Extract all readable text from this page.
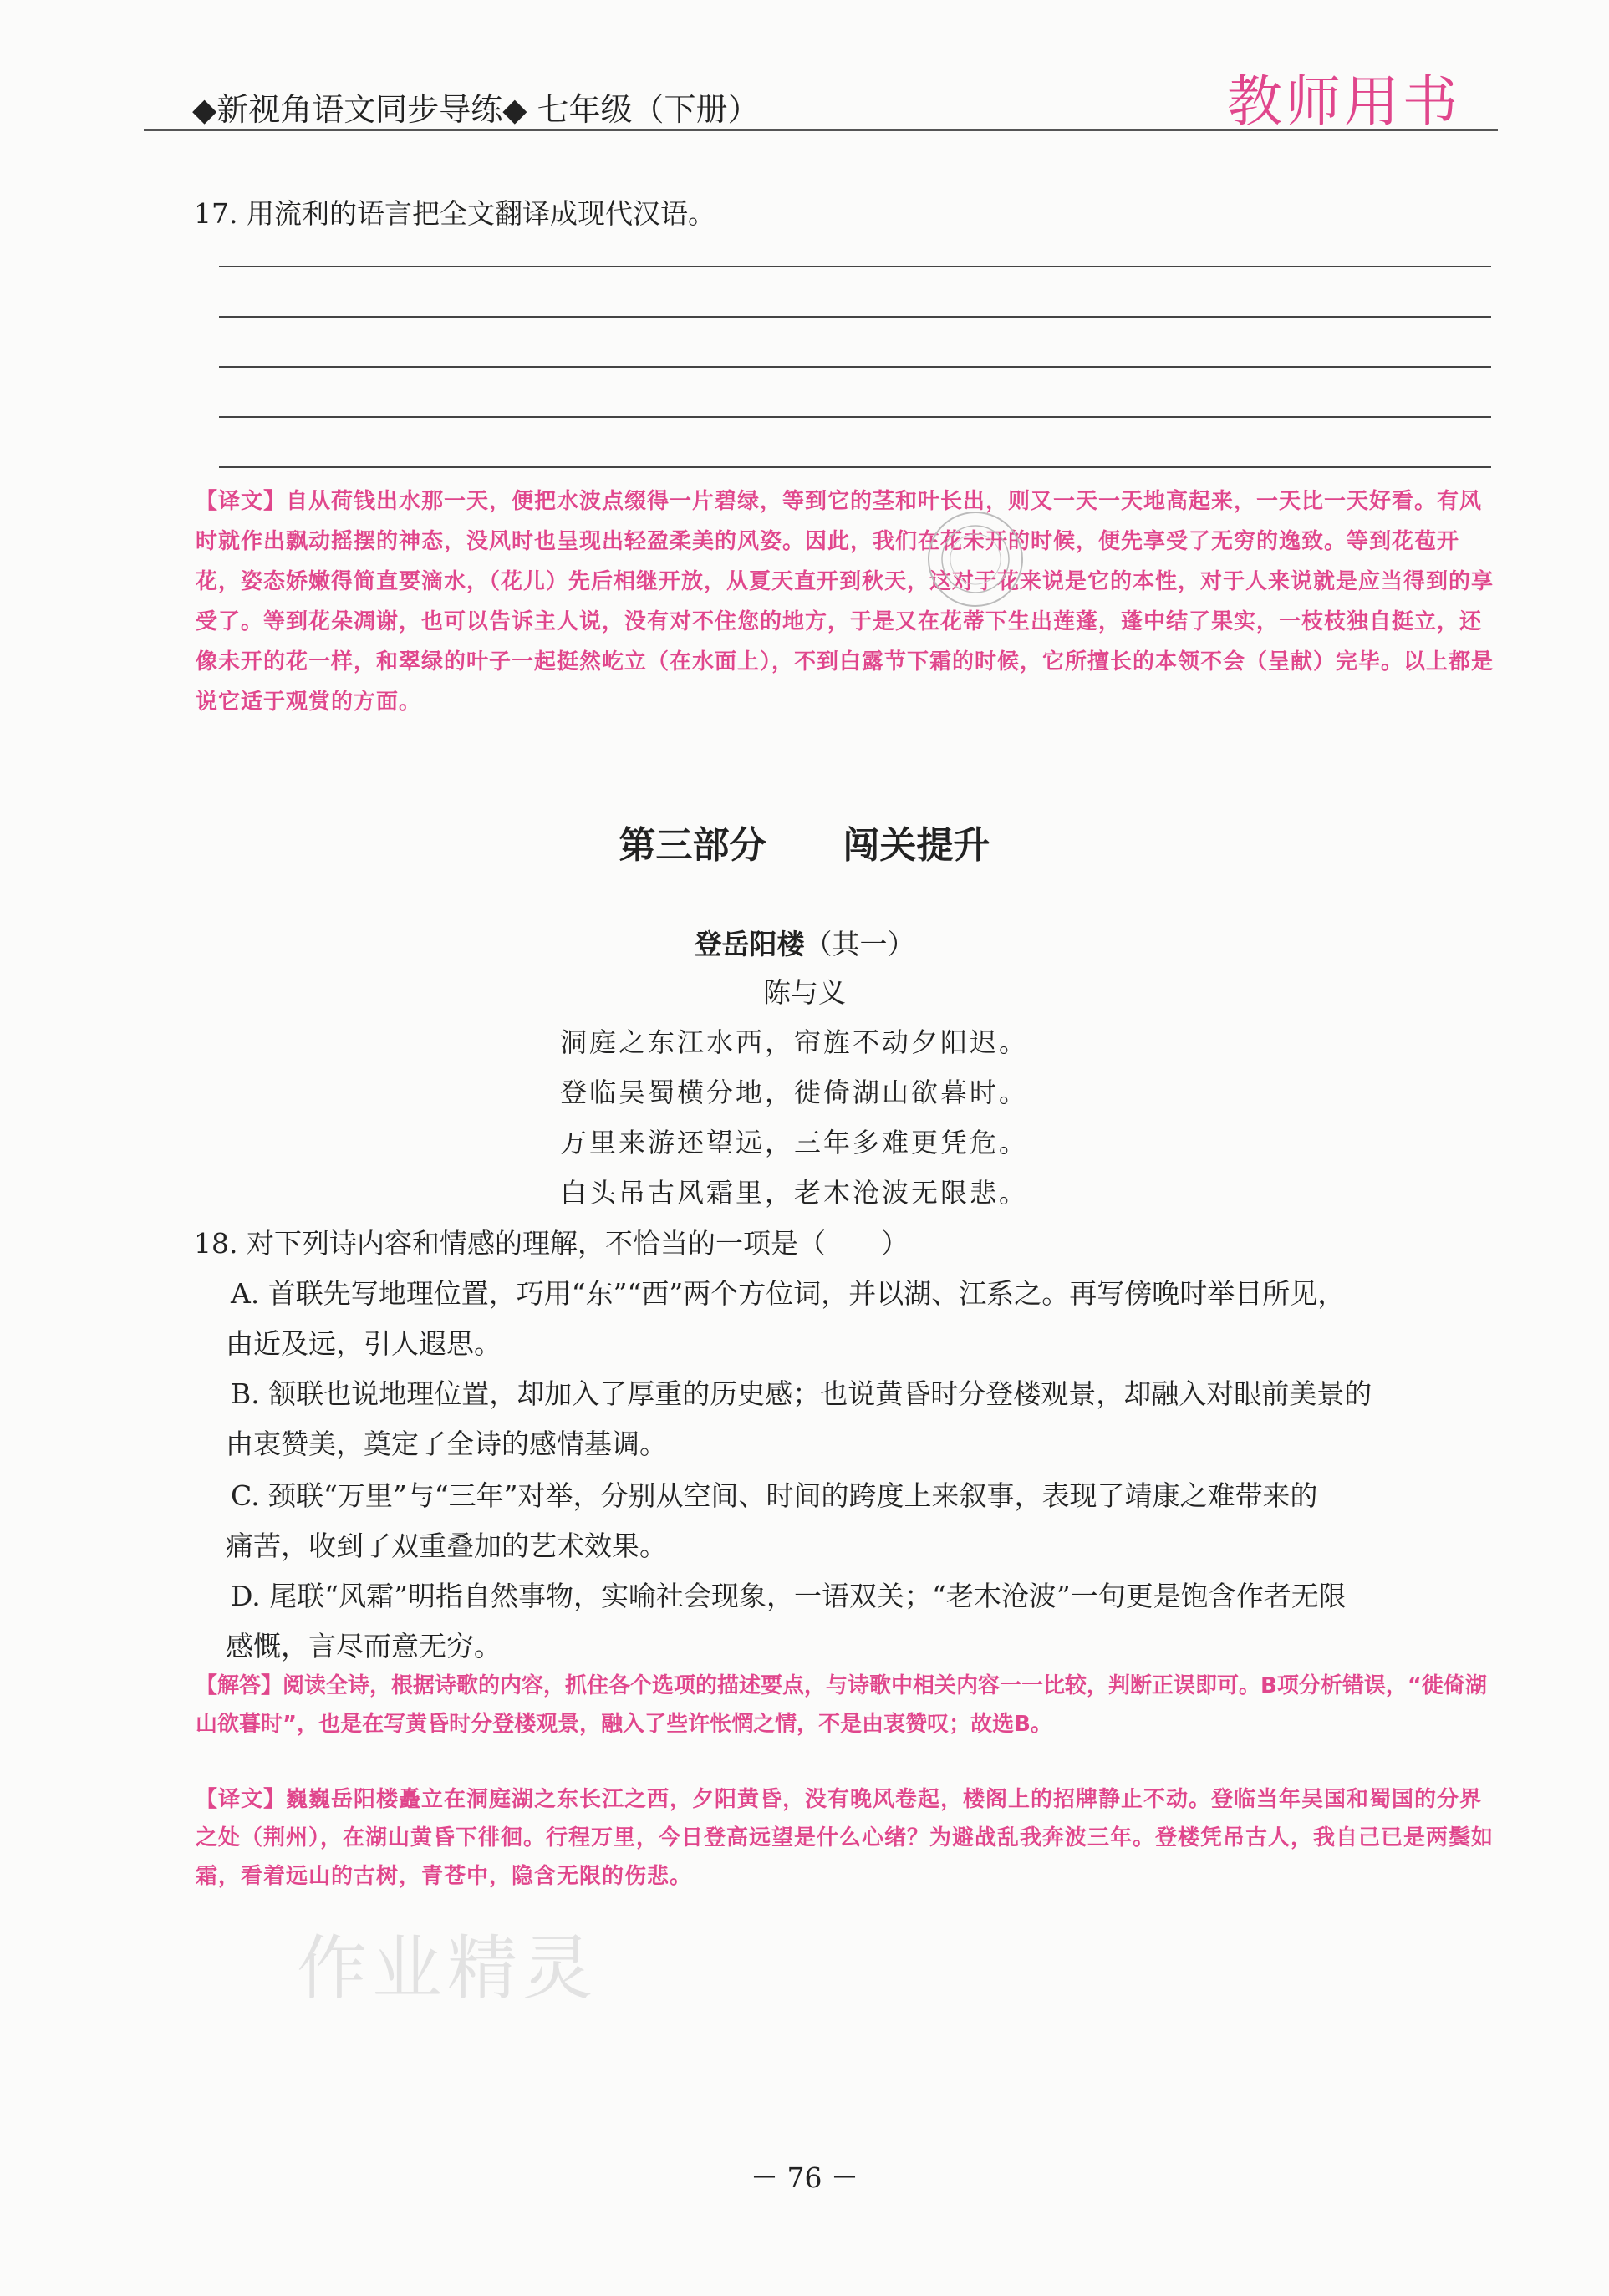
◆新视角语文同步导练◆ 七年级（下册）	教师用书
17. 用流利的语言把全文翻译成现代汉语。
【译文】自从荷钱出水那一天，便把水波点缀得一片碧绿，等到它的茎和叶长出，则又一天一天地高起来，一天比一天好看。有风时就作出飘动摇摆的神态，没风时也呈现出轻盈柔美的风姿。因此，我们在花未开的时候，便先享受了无穷的逸致。等到花苞开花，姿态娇嫩得简直要滴水，（花儿）先后相继开放，从夏天直开到秋天，这对于花来说是它的本性，对于人来说就是应当得到的享受了。等到花朵凋谢，也可以告诉主人说，没有对不住您的地方，于是又在花蒂下生出莲蓬，蓬中结了果实，一枝枝独自挺立，还像未开的花一样，和翠绿的叶子一起挺然屹立（在水面上），不到白露节下霜的时候，它所擅长的本领不会（呈献）完毕。以上都是说它适于观赏的方面。
第三部分      闯关提升
登岳阳楼（其一）
陈与义
洞庭之东江水西，帘旌不动夕阳迟。
登临吴蜀横分地，徙倚湖山欲暮时。
万里来游还望远，三年多难更凭危。
白头吊古风霜里，老木沧波无限悲。
18. 对下列诗内容和情感的理解，不恰当的一项是（　　）
A. 首联先写地理位置，巧用“东”“西”两个方位词，并以湖、江系之。再写傍晚时举目所见，
由近及远，引人遐思。
B. 颔联也说地理位置，却加入了厚重的历史感；也说黄昏时分登楼观景，却融入对眼前美景的
由衷赞美，奠定了全诗的感情基调。
C. 颈联“万里”与“三年”对举，分别从空间、时间的跨度上来叙事，表现了靖康之难带来的
痛苦，收到了双重叠加的艺术效果。
D. 尾联“风霜”明指自然事物，实喻社会现象，一语双关；“老木沧波”一句更是饱含作者无限
感慨，言尽而意无穷。
【解答】阅读全诗，根据诗歌的内容，抓住各个选项的描述要点，与诗歌中相关内容一一比较，判断正误即可。B项分析错误，“徙倚湖山欲暮时”，也是在写黄昏时分登楼观景，融入了些许怅惘之情，不是由衷赞叹；故选B。
【译文】巍巍岳阳楼矗立在洞庭湖之东长江之西，夕阳黄昏，没有晚风卷起，楼阁上的招牌静止不动。登临当年吴国和蜀国的分界之处（荆州），在湖山黄昏下徘徊。行程万里，今日登高远望是什么心绪？为避战乱我奔波三年。登楼凭吊古人，我自己已是两鬓如霜，看着远山的古树，青苍中，隐含无限的伤悲。
作业精灵
－ 76 －
